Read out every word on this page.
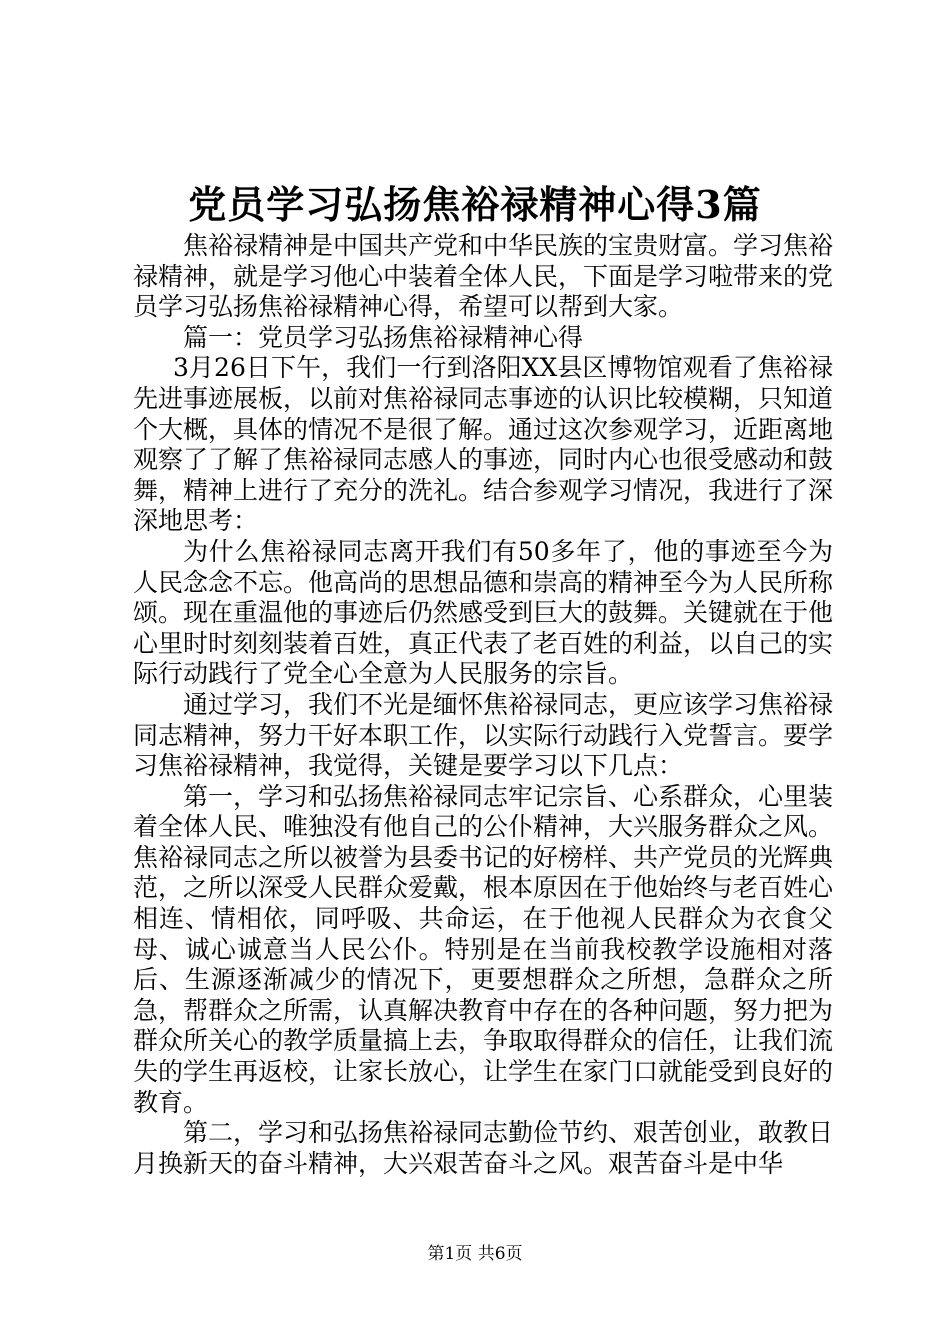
党员学习弘扬焦裕禄精神心得3篇

焦裕禄精神是中国共产党和中华民族的宝贵财富。学习焦裕禄精神，就是学习他心中装着全体人民，下面是学习啦带来的党员学习弘扬焦裕禄精神心得，希望可以帮到大家。

篇一：党员学习弘扬焦裕禄精神心得

3月26日下午，我们一行到洛阳XX县区博物馆观看了焦裕禄先进事迹展板，以前对焦裕禄同志事迹的认识比较模糊，只知道个大概，具体的情况不是很了解。通过这次参观学习，近距离地观察了了解了焦裕禄同志感人的事迹，同时内心也很受感动和鼓舞，精神上进行了充分的洗礼。结合参观学习情况，我进行了深深地思考：

为什么焦裕禄同志离开我们有50多年了，他的事迹至今为人民念念不忘。他高尚的思想品德和崇高的精神至今为人民所称颂。现在重温他的事迹后仍然感受到巨大的鼓舞。关键就在于他心里时时刻刻装着百姓，真正代表了老百姓的利益，以自己的实际行动践行了党全心全意为人民服务的宗旨。

通过学习，我们不光是缅怀焦裕禄同志，更应该学习焦裕禄同志精神，努力干好本职工作，以实际行动践行入党誓言。要学习焦裕禄精神，我觉得，关键是要学习以下几点：

第一，学习和弘扬焦裕禄同志牢记宗旨、心系群众，心里装着全体人民、唯独没有他自己的公仆精神，大兴服务群众之风。焦裕禄同志之所以被誉为县委书记的好榜样、共产党员的光辉典范，之所以深受人民群众爱戴，根本原因在于他始终与老百姓心相连、情相依，同呼吸、共命运，在于他视人民群众为衣食父母、诚心诚意当人民公仆。特别是在当前我校教学设施相对落后、生源逐渐减少的情况下，更要想群众之所想，急群众之所急，帮群众之所需，认真解决教育中存在的各种问题，努力把为群众所关心的教学质量搞上去，争取取得群众的信任，让我们流失的学生再返校，让家长放心，让学生在家门口就能受到良好的教育。

第二，学习和弘扬焦裕禄同志勤俭节约、艰苦创业，敢教日月换新天的奋斗精神，大兴艰苦奋斗之风。艰苦奋斗是中华

第1页 共6页
